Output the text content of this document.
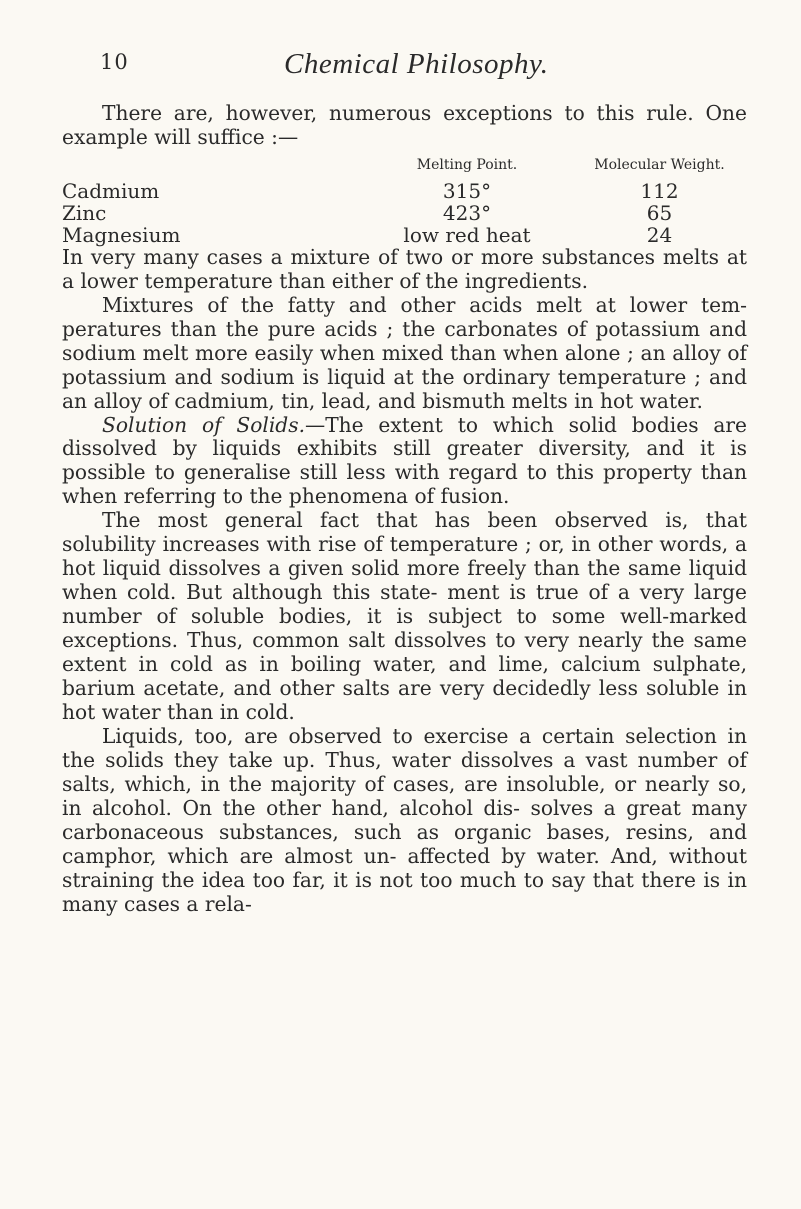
10	Chemical Philosophy.

There are, however, numerous exceptions to this rule. One example will suffice :—

	Melting Point.	Molecular Weight.
Cadmium	315°	112
Zinc	423°	65
Magnesium	low red heat	24

In very many cases a mixture of two or more substances melts at a lower temperature than either of the ingredients.

Mixtures of the fatty and other acids melt at lower tem- peratures than the pure acids ; the carbonates of potassium and sodium melt more easily when mixed than when alone ; an alloy of potassium and sodium is liquid at the ordinary temperature ; and an alloy of cadmium, tin, lead, and bismuth melts in hot water.

Solution of Solids.—The extent to which solid bodies are dissolved by liquids exhibits still greater diversity, and it is possible to generalise still less with regard to this property than when referring to the phenomena of fusion.

The most general fact that has been observed is, that solubility increases with rise of temperature ; or, in other words, a hot liquid dissolves a given solid more freely than the same liquid when cold. But although this state- ment is true of a very large number of soluble bodies, it is subject to some well-marked exceptions. Thus, common salt dissolves to very nearly the same extent in cold as in boiling water, and lime, calcium sulphate, barium acetate, and other salts are very decidedly less soluble in hot water than in cold.

Liquids, too, are observed to exercise a certain selection in the solids they take up. Thus, water dissolves a vast number of salts, which, in the majority of cases, are insoluble, or nearly so, in alcohol. On the other hand, alcohol dis- solves a great many carbonaceous substances, such as organic bases, resins, and camphor, which are almost un- affected by water. And, without straining the idea too far, it is not too much to say that there is in many cases a rela-
